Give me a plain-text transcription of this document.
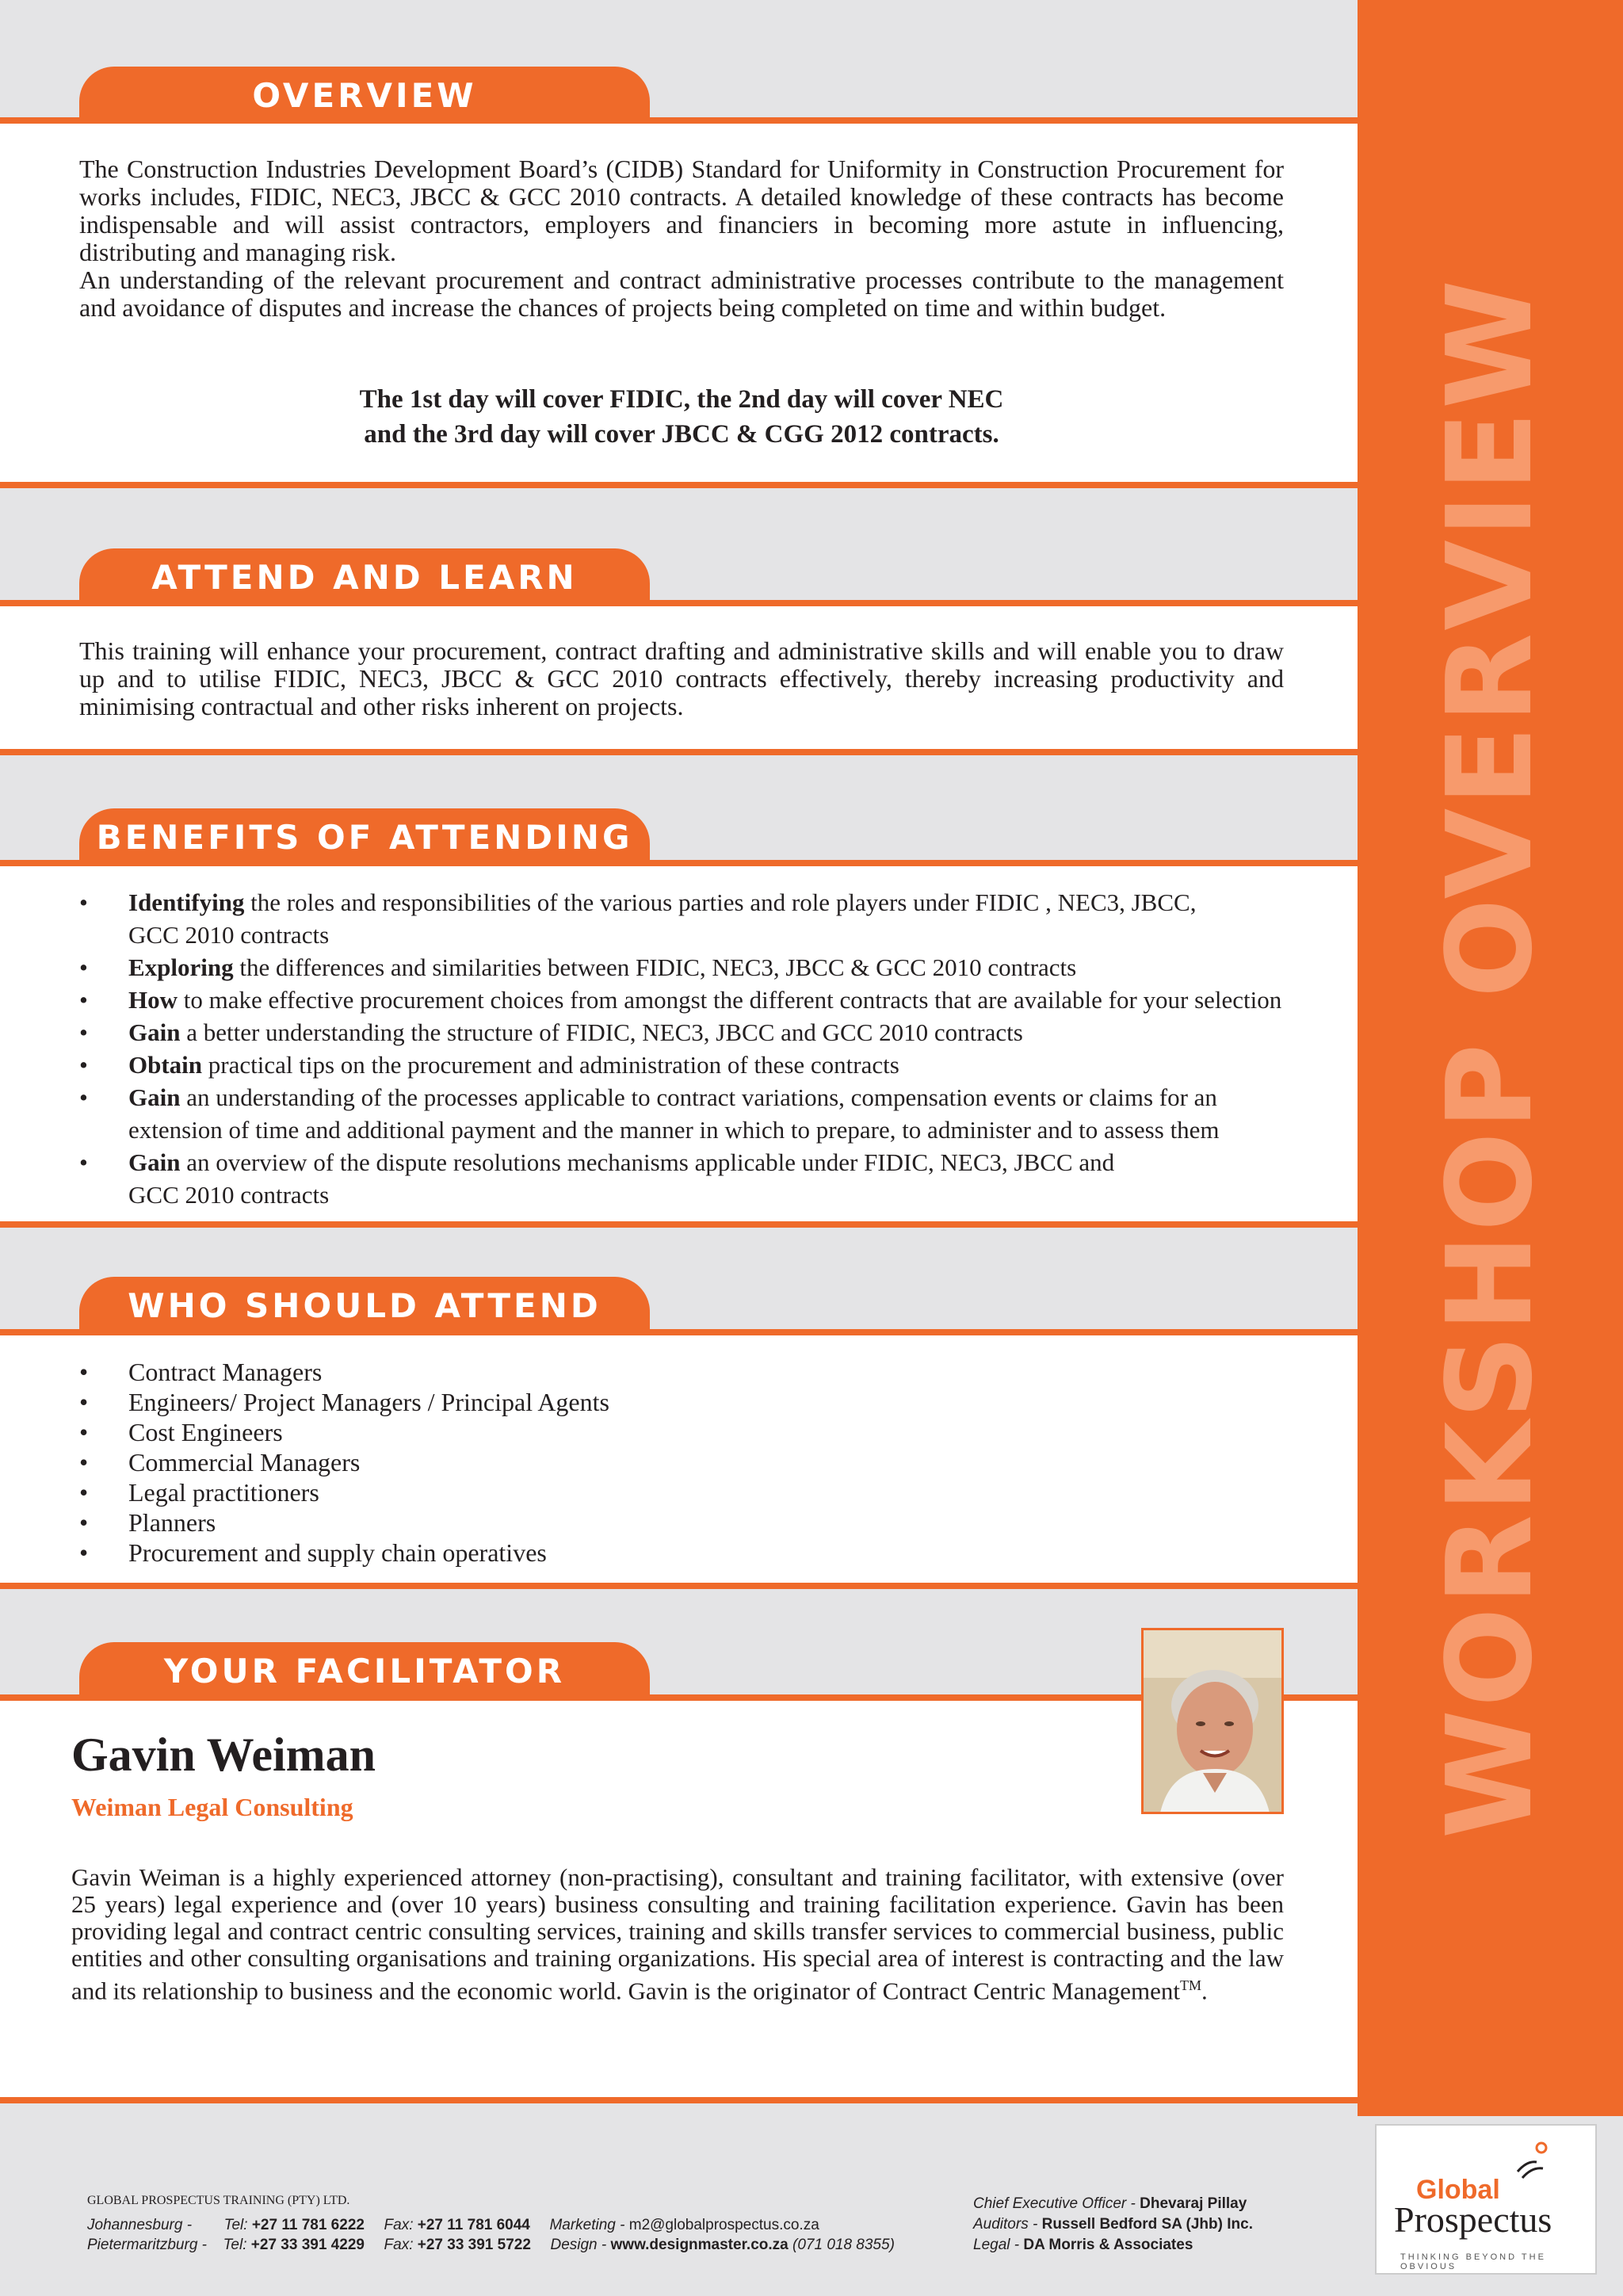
WORKSHOP OVERVIEW
OVERVIEW

The Construction Industries Development Board’s (CIDB) Standard for Uniformity in Construction Procurement for works includes, FIDIC, NEC3, JBCC & GCC 2010 contracts. A detailed knowledge of these contracts has become indispensable and will assist contractors, employers and financiers in becoming more astute in influencing, distributing and managing risk.

An understanding of the relevant procurement and contract administrative processes contribute to the management and avoidance of disputes and increase the chances of projects being completed on time and within budget.

The 1st day will cover FIDIC, the 2nd day will cover NEC

and the 3rd day will cover JBCC & CGG 2012 contracts.

ATTEND AND LEARN

This training will enhance your procurement, contract drafting and administrative skills and will enable you to draw up and to utilise FIDIC, NEC3, JBCC & GCC 2010 contracts effectively, thereby increasing productivity and minimising contractual and other risks inherent on projects.

BENEFITS OF ATTENDING
• Identifying the roles and responsibilities of the various parties and role players under FIDIC , NEC3, JBCC,
GCC 2010 contracts
• Exploring the differences and similarities between FIDIC, NEC3, JBCC & GCC 2010 contracts
• How to make effective procurement choices from amongst the different contracts that are available for your selection
• Gain a better understanding the structure of FIDIC, NEC3, JBCC and GCC 2010 contracts
• Obtain practical tips on the procurement and administration of these contracts
• Gain an understanding of the processes applicable to contract variations, compensation events or claims for an
extension of time and additional payment and the manner in which to prepare, to administer and to assess them
• Gain an overview of the dispute resolutions mechanisms applicable under FIDIC, NEC3, JBCC and
GCC 2010 contracts
WHO SHOULD ATTEND
• Contract Managers
• Engineers/ Project Managers / Principal Agents
• Cost Engineers
• Commercial Managers
• Legal practitioners
• Planners
• Procurement and supply chain operatives
YOUR FACILITATOR
Gavin Weiman
Weiman Legal Consulting

Gavin Weiman is a highly experienced attorney (non-practising), consultant and training facilitator, with extensive (over 25 years) legal experience and (over 10 years) business consulting and training facilitation experience. Gavin has been providing legal and contract centric consulting services, training and skills transfer services to commercial business, public entities and other consulting organisations and training organizations. His special area of interest is contracting and the law and its relationship to business and the economic world. Gavin is the originator of Contract Centric Management™.

GLOBAL PROSPECTUS TRAINING (PTY) LTD.
Johannesburg - Tel: +27 11 781 6222 Fax: +27 11 781 6044 Marketing - m2@globalprospectus.co.za
Pietermaritzburg - Tel: +27 33 391 4229 Fax: +27 33 391 5722 Design - www.designmaster.co.za (071 018 8355)
Chief Executive Officer - Dhevaraj Pillay
Auditors - Russell Bedford SA (Jhb) Inc.
Legal - DA Morris & Associates
Global
Prospectus
THINKING BEYOND THE OBVIOUS
